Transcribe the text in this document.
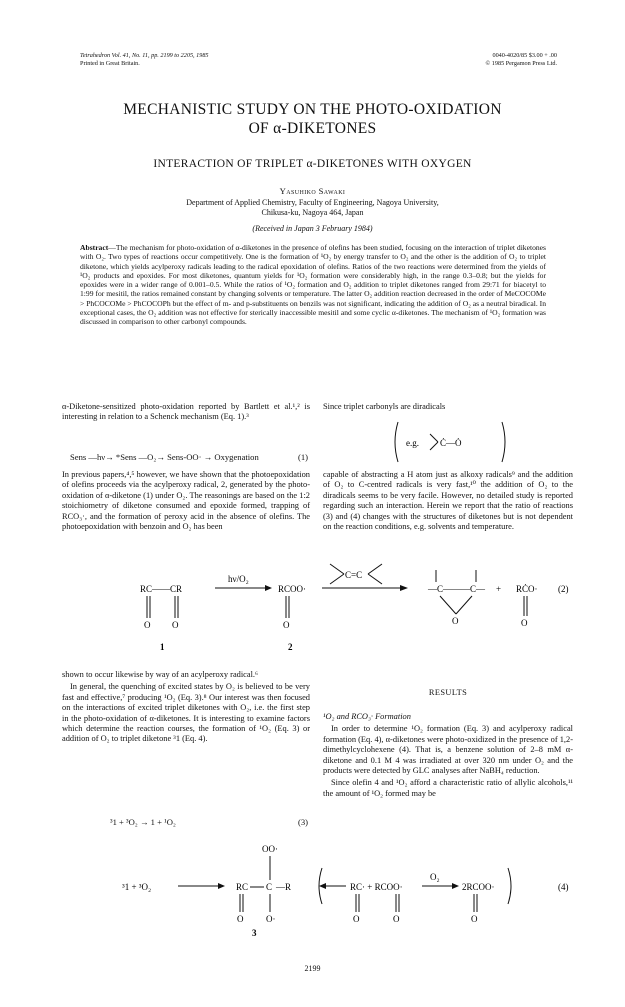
Tetrahedron Vol. 41, No. 11, pp. 2199 to 2205, 1985
Printed in Great Britain.
0040-4020/85 $3.00 + .00
© 1985 Pergamon Press Ltd.
MECHANISTIC STUDY ON THE PHOTO-OXIDATION
OF α-DIKETONES
INTERACTION OF TRIPLET α-DIKETONES WITH OXYGEN
Yasuhiko Sawaki
Department of Applied Chemistry, Faculty of Engineering, Nagoya University,
Chikusa-ku, Nagoya 464, Japan
(Received in Japan 3 February 1984)
Abstract—The mechanism for photo-oxidation of α-diketones in the presence of olefins has been studied, focusing on the interaction of triplet diketones with O₂. Two types of reactions occur competitively. One is the formation of ¹O₂ by energy transfer to O₂ and the other is the addition of O₂ to triplet diketone, which yields acylperoxy radicals leading to the radical epoxidation of olefins. Ratios of the two reactions were determined from the yields of ¹O₂ products and epoxides. For most diketones, quantum yields for ¹O₂ formation were considerably high, in the range 0.3–0.8; but the yields for epoxides were in a wider range of 0.001–0.5. While the ratios of ¹O₂ formation and O₂ addition to triplet diketones ranged from 29:71 for biacetyl to 1:99 for mesitil, the ratios remained constant by changing solvents or temperature. The latter O₂ addition reaction decreased in the order of MeCOCOMe > PhCOCOMe > PhCOCOPh but the effect of m- and p-substituents on benzils was not significant, indicating the addition of O₂ as a neutral biradical. In exceptional cases, the O₂ addition was not effective for sterically inaccessible mesitil and some cyclic α-diketones. The mechanism of ¹O₂ formation was discussed in comparison to other carbonyl compounds.

α-Diketone-sensitized photo-oxidation reported by Bartlett et al.¹,² is interesting in relation to a Schenck mechanism (Eq. 1).³

Sens —hν→ *Sens —O₂→ Sens-OO· → Oxygenation	(1)

In previous papers,⁴,⁵ however, we have shown that the photoepoxidation of olefins proceeds via the acylperoxy radical, 2, generated by the photo-oxidation of α-diketone (1) under O₂. The reasonings are based on the 1:2 stoichiometry of diketone consumed and epoxide formed, trapping of RCO₃·, and the formation of peroxy acid in the absence of olefins. The photoepoxidation with benzoin and O₂ has been

Since triplet carbonyls are diradicals

e.g. Ċ—Ȯ

capable of abstracting a H atom just as alkoxy radicals⁹ and the addition of O₂ to C-centred radicals is very fast,¹⁰ the addition of O₂ to the diradicals seems to be very facile. However, no detailed study is reported regarding such an interaction. Herein we report that the ratio of reactions (3) and (4) changes with the structures of diketones but is not dependent on the reaction conditions, e.g. solvents and temperature.

RC——CR
O O
1
hν/O₂
RCOO·
O
2
C=C
—C———C—
O
+ RĊO·
O
(2)

shown to occur likewise by way of an acylperoxy radical.⁶

In general, the quenching of excited states by O₂ is believed to be very fast and effective,⁷ producing ¹O₂ (Eq. 3).⁸ Our interest was then focused on the interactions of excited triplet diketones with O₂, i.e. the first step in the photo-oxidation of α-diketones. It is interesting to examine factors which determine the reaction courses, the formation of ¹O₂ (Eq. 3) or addition of O₂ to triplet diketone ³1 (Eq. 4).

³1 + ³O₂ → 1 + ¹O₂	(3)
RESULTS

¹O₂ and RCO₃· Formation

In order to determine ¹O₂ formation (Eq. 3) and acylperoxy radical formation (Eq. 4), α-diketones were photo-oxidized in the presence of 1,2-dimethylcyclohexene (4). That is, a benzene solution of 2–8 mM α-diketone and 0.1 M 4 was irradiated at over 320 nm under O₂ and the products were detected by GLC analyses after NaBH₄ reduction.

Since olefin 4 and ¹O₂ afford a characteristic ratio of allylic alcohols,¹¹ the amount of ¹O₂ formed may be

³1 + ³O₂
OO·
RC C —R
O	O·
3
RC· + RCOO·
O	O
O₂
2RCOO·
O
(4)
2199
